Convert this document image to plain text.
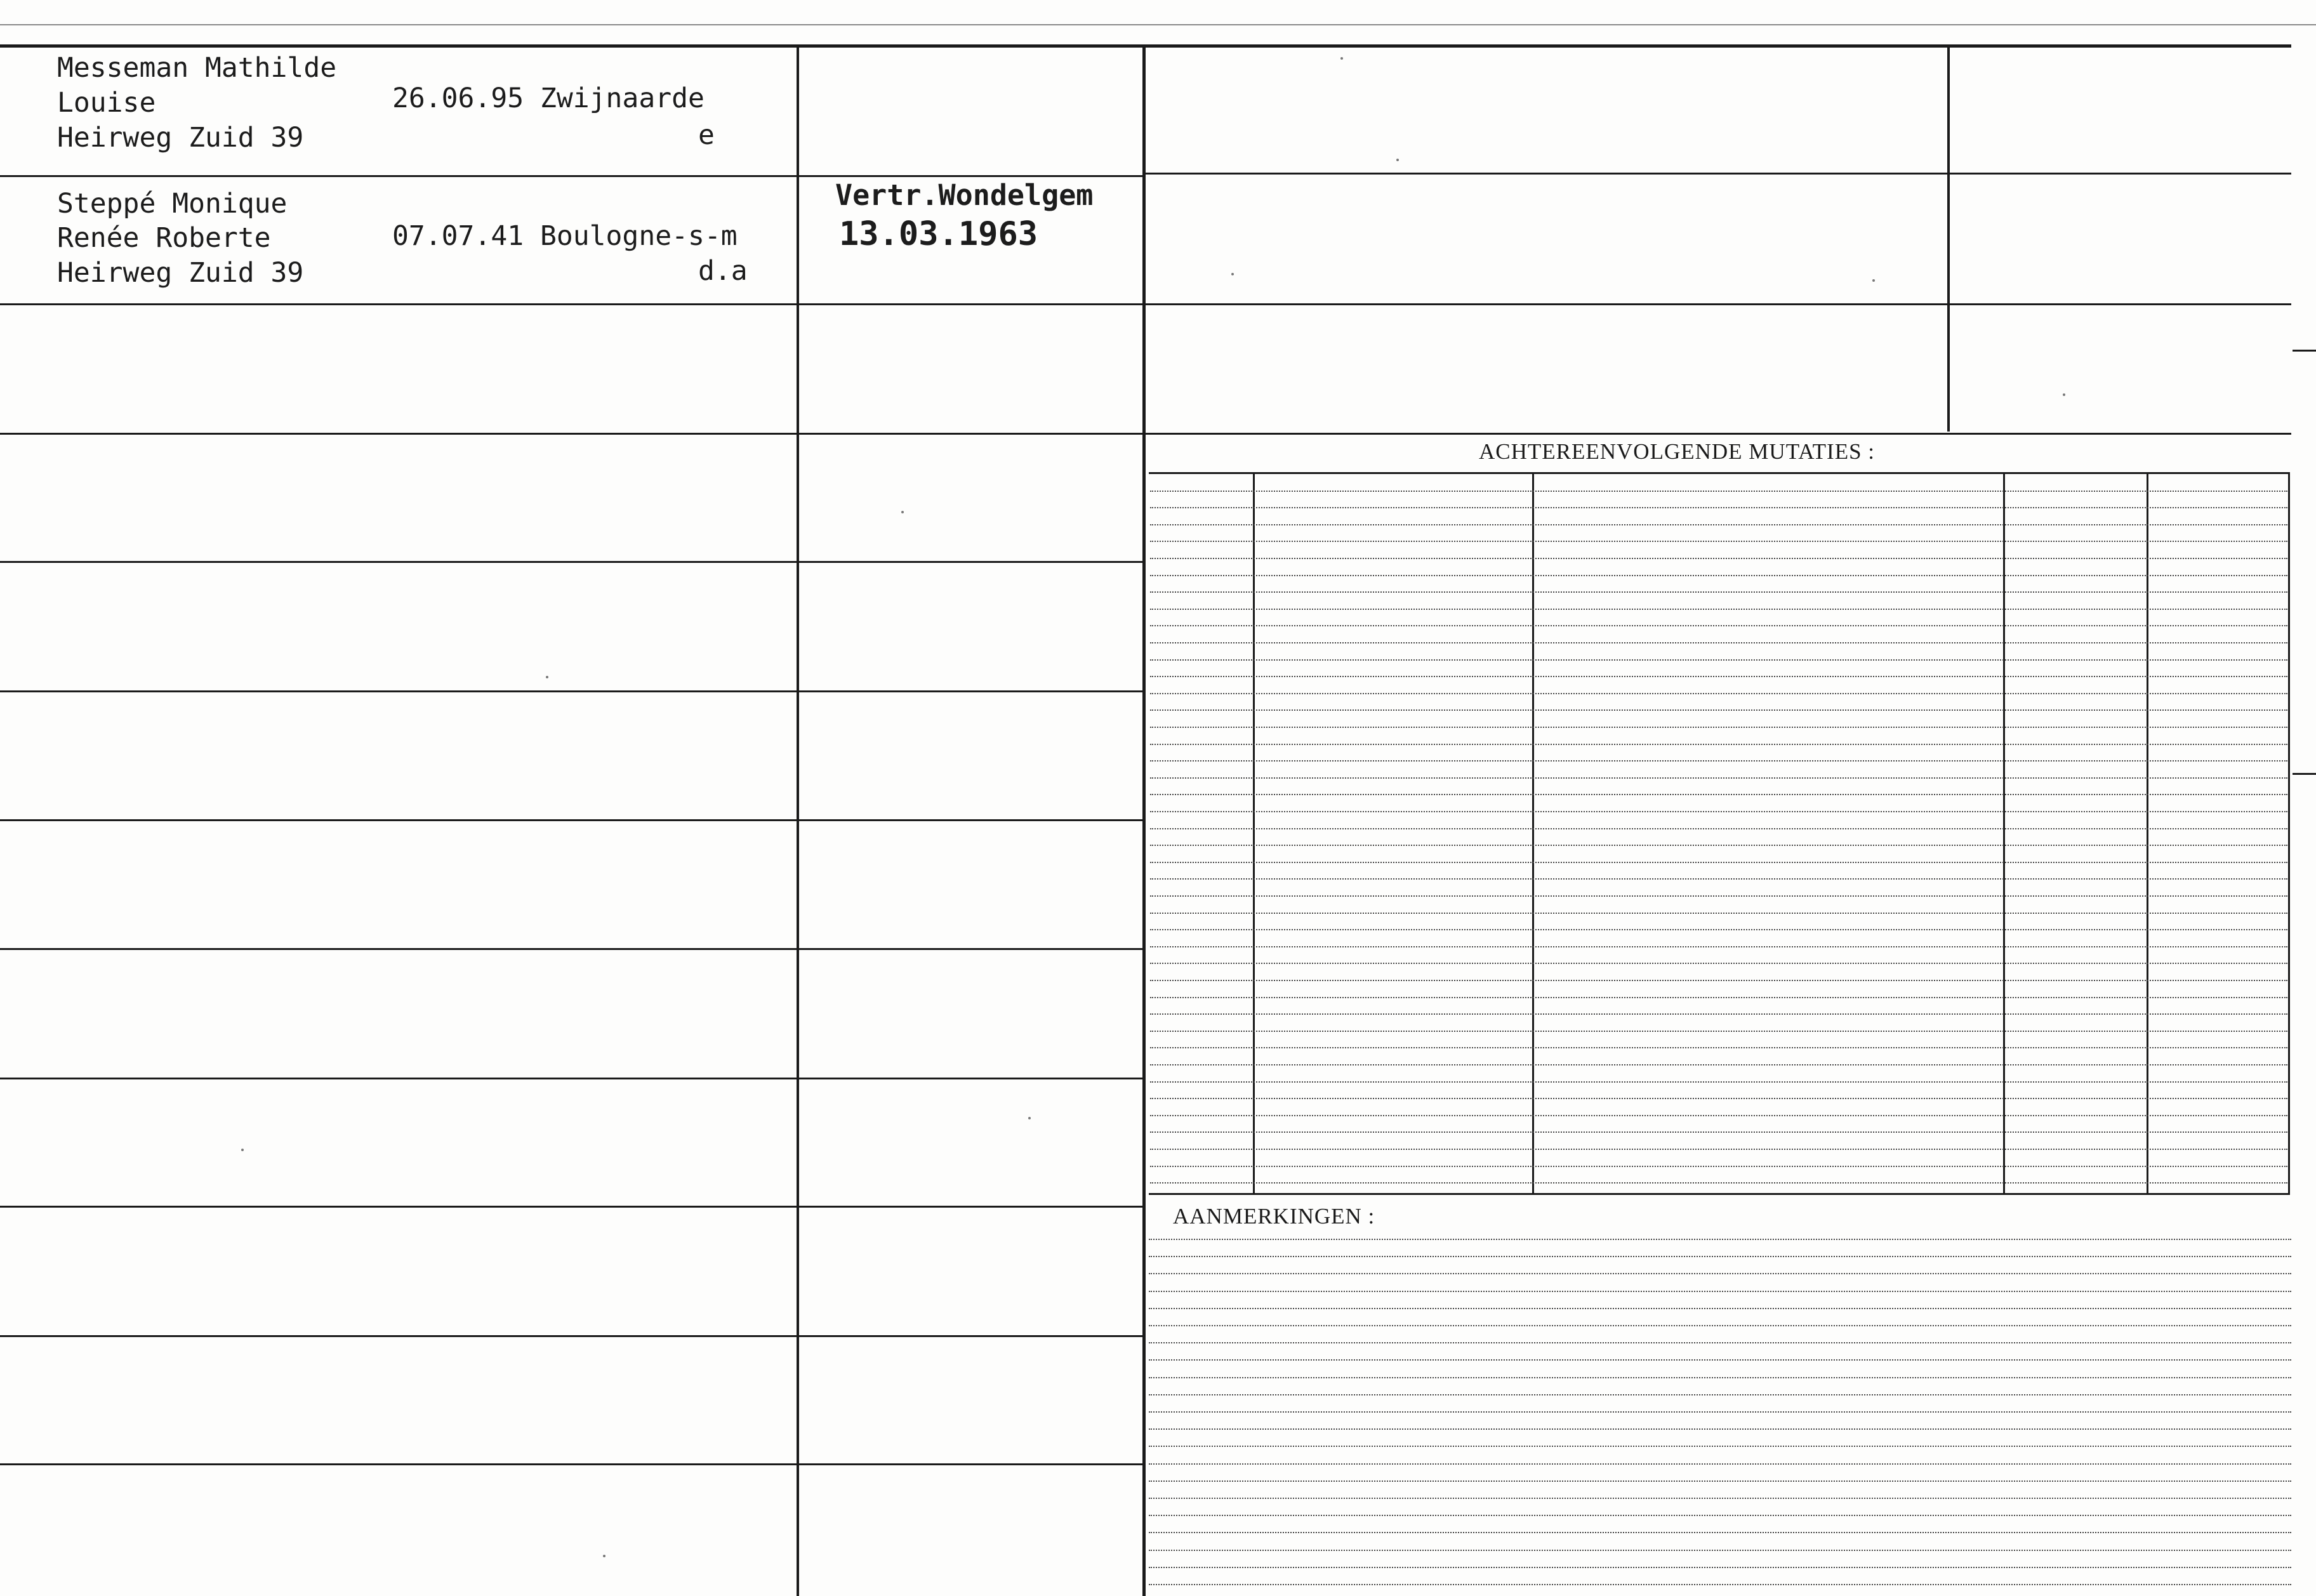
ACHTEREENVOLGENDE MUTATIES :
AANMERKINGEN :
Messeman Mathilde
Louise
Heirweg Zuid 39
26.06.95 Zwijnaarde
e
Steppé Monique
Renée Roberte
Heirweg Zuid 39
07.07.41 Boulogne-s-m
d.a
Vertr.Wondelgem
13.03.1963
